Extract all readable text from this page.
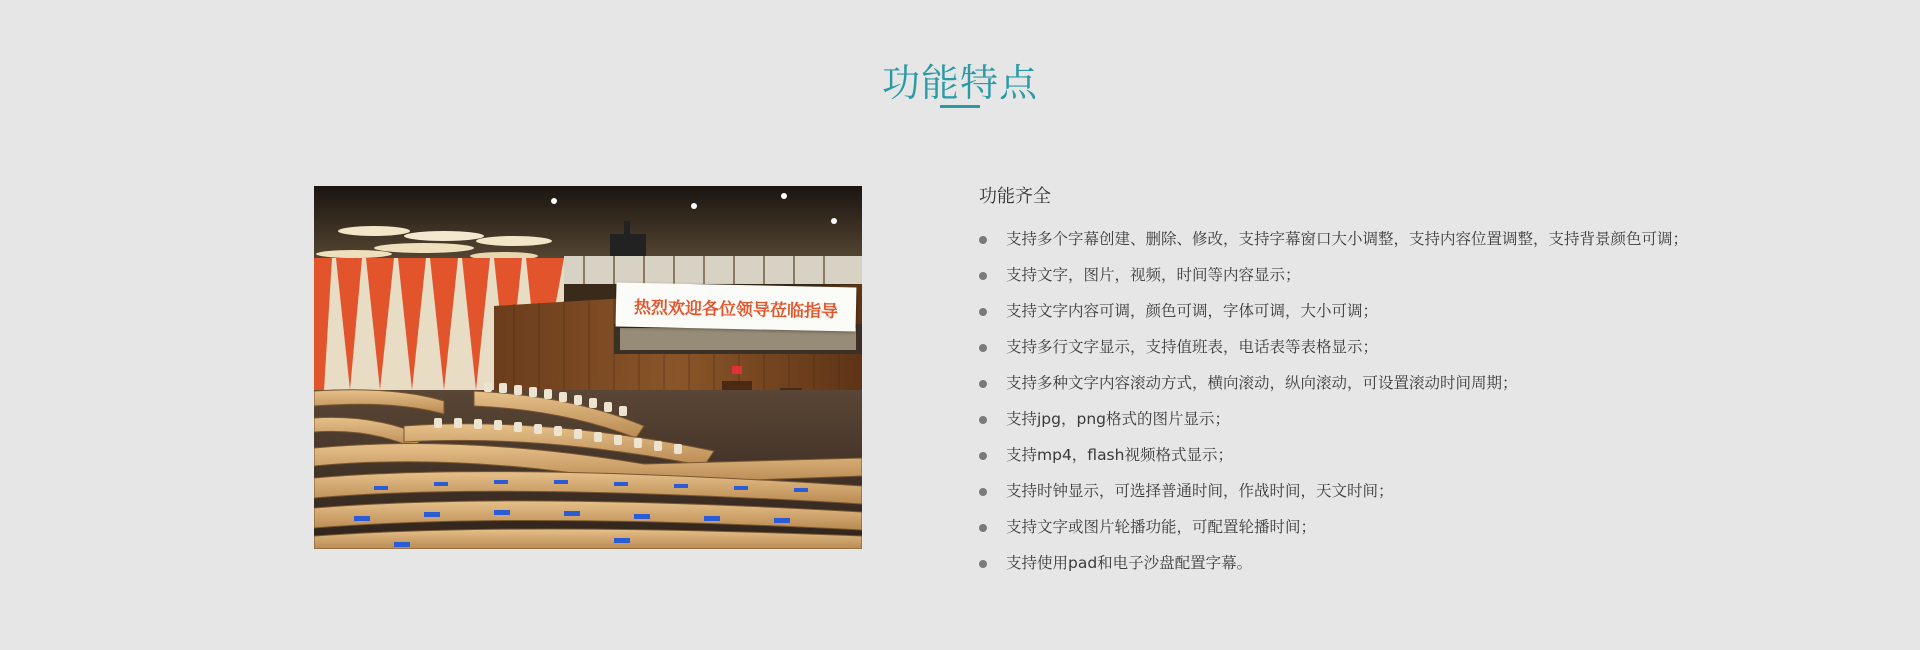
功能特点
热烈欢迎各位领导莅临指导
功能齐全
支持多个字幕创建、删除、修改，支持字幕窗口大小调整，支持内容位置调整，支持背景颜色可调；
支持文字，图片，视频，时间等内容显示；
支持文字内容可调，颜色可调，字体可调，大小可调；
支持多行文字显示，支持值班表，电话表等表格显示；
支持多种文字内容滚动方式，横向滚动，纵向滚动，可设置滚动时间周期；
支持jpg，png格式的图片显示；
支持mp4，flash视频格式显示；
支持时钟显示，可选择普通时间，作战时间，天文时间；
支持文字或图片轮播功能，可配置轮播时间；
支持使用pad和电子沙盘配置字幕。
